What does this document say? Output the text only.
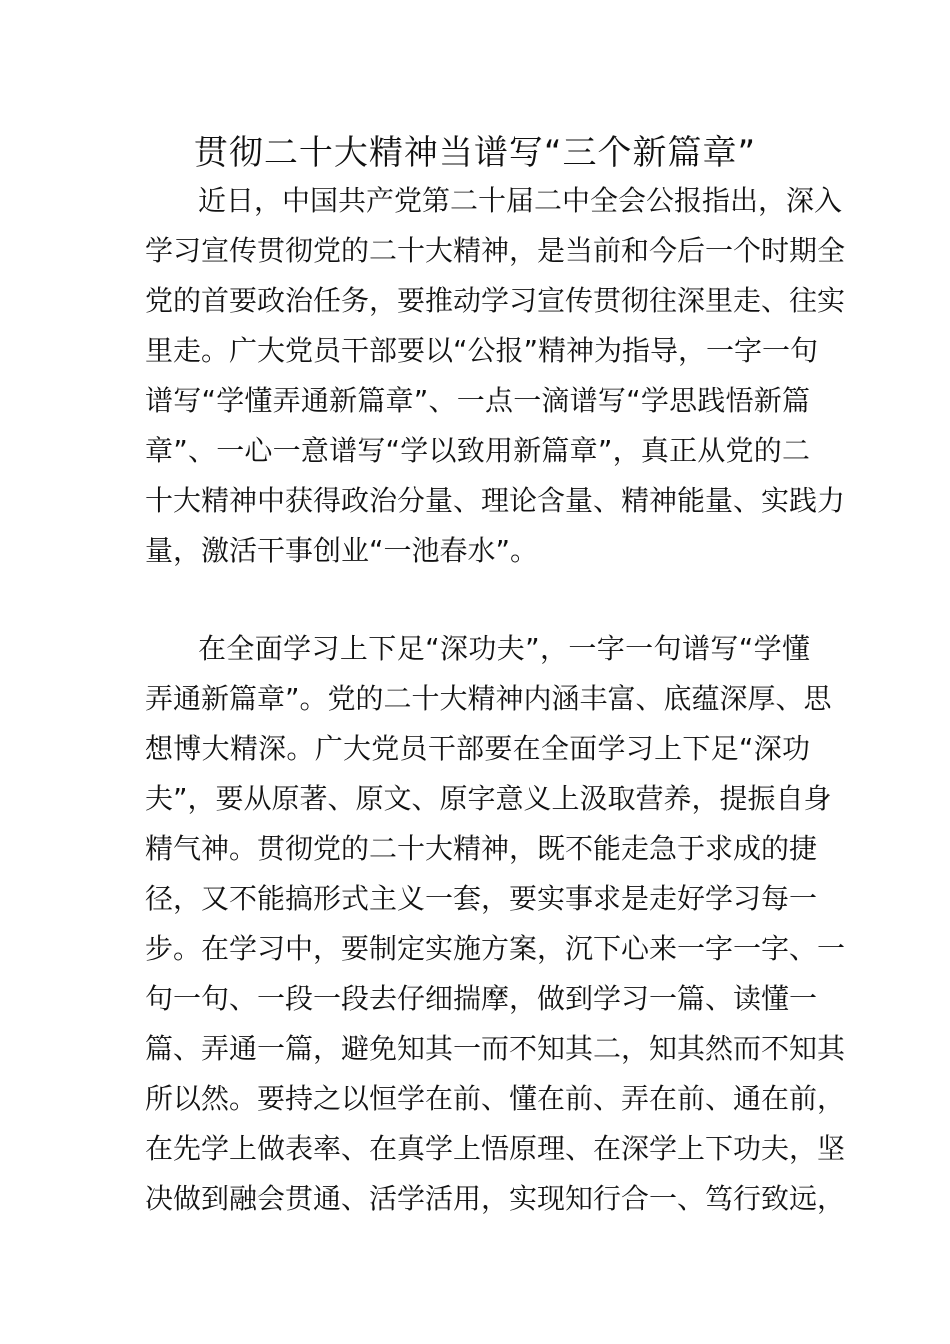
贯彻二十大精神当谱写“三个新篇章”
近日，中国共产党第二十届二中全会公报指出，深入
学习宣传贯彻党的二十大精神，是当前和今后一个时期全
党的首要政治任务，要推动学习宣传贯彻往深里走、往实
里走。广大党员干部要以“公报”精神为指导，一字一句
谱写“学懂弄通新篇章”、一点一滴谱写“学思践悟新篇
章”、一心一意谱写“学以致用新篇章”，真正从党的二
十大精神中获得政治分量、理论含量、精神能量、实践力
量，激活干事创业“一池春水”。
在全面学习上下足“深功夫”，一字一句谱写“学懂
弄通新篇章”。党的二十大精神内涵丰富、底蕴深厚、思
想博大精深。广大党员干部要在全面学习上下足“深功
夫”，要从原著、原文、原字意义上汲取营养，提振自身
精气神。贯彻党的二十大精神，既不能走急于求成的捷
径，又不能搞形式主义一套，要实事求是走好学习每一
步。在学习中，要制定实施方案，沉下心来一字一字、一
句一句、一段一段去仔细揣摩，做到学习一篇、读懂一
篇、弄通一篇，避免知其一而不知其二，知其然而不知其
所以然。要持之以恒学在前、懂在前、弄在前、通在前，
在先学上做表率、在真学上悟原理、在深学上下功夫，坚
决做到融会贯通、活学活用，实现知行合一、笃行致远，
